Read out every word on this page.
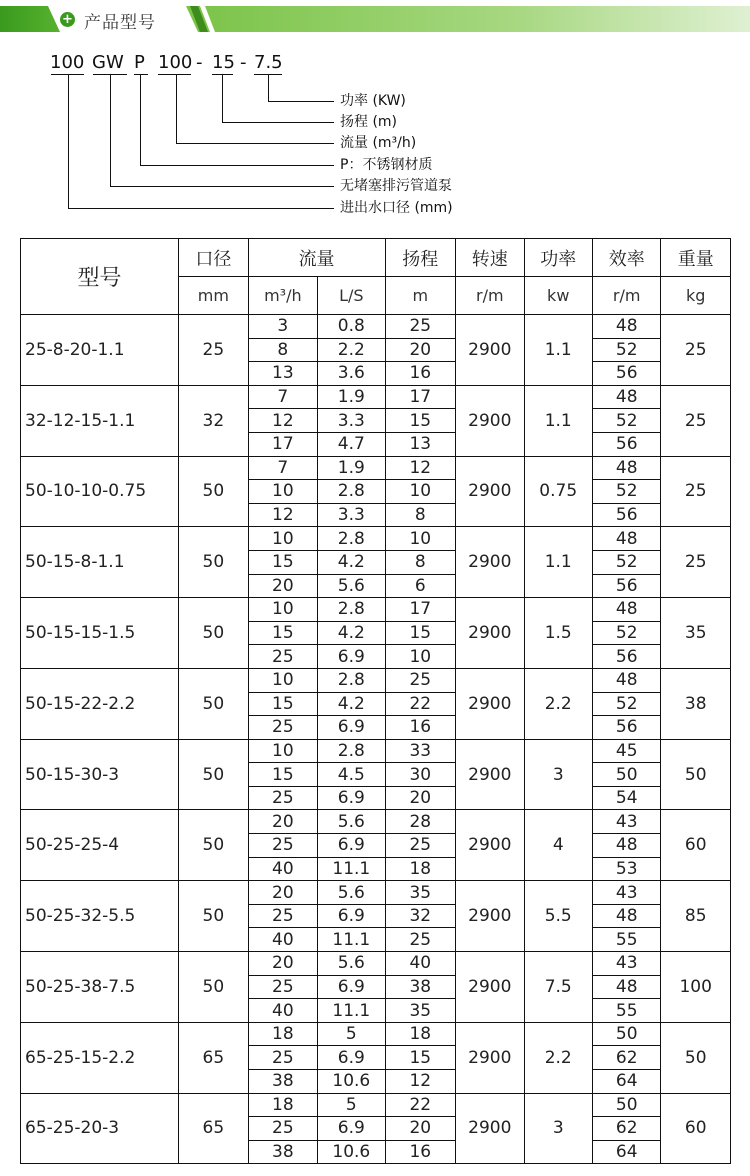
+ 产品型号
100 GW P 100 - 15 - 7.5
功率 (KW)
扬程 (m)
流量 (m³/h)
P：不锈钢材质
无堵塞排污管道泵
进出水口径 (mm)
型号	口径	流量		扬程	转速	功率	效率	重量
	mm	m³/h	L/S	m	r/m	kw	r/m	kg
25-8-20-1.1	25	3	0.8	25	2900	1.1	48	25
		8	2.2	20			52	
		13	3.6	16			56	
32-12-15-1.1	32	7	1.9	17	2900	1.1	48	25
		12	3.3	15			52	
		17	4.7	13			56	
50-10-10-0.75	50	7	1.9	12	2900	0.75	48	25
		10	2.8	10			52	
		12	3.3	8			56	
50-15-8-1.1	50	10	2.8	10	2900	1.1	48	25
		15	4.2	8			52	
		20	5.6	6			56	
50-15-15-1.5	50	10	2.8	17	2900	1.5	48	35
		15	4.2	15			52	
		25	6.9	10			56	
50-15-22-2.2	50	10	2.8	25	2900	2.2	48	38
		15	4.2	22			52	
		25	6.9	16			56	
50-15-30-3	50	10	2.8	33	2900	3	45	50
		15	4.5	30			50	
		25	6.9	20			54	
50-25-25-4	50	20	5.6	28	2900	4	43	60
		25	6.9	25			48	
		40	11.1	18			53	
50-25-32-5.5	50	20	5.6	35	2900	5.5	43	85
		25	6.9	32			48	
		40	11.1	25			55	
50-25-38-7.5	50	20	5.6	40	2900	7.5	43	100
		25	6.9	38			48	
		40	11.1	35			55	
65-25-15-2.2	65	18	5	18	2900	2.2	50	50
		25	6.9	15			62	
		38	10.6	12			64	
65-25-20-3	65	18	5	22	2900	3	50	60
		25	6.9	20			62	
		38	10.6	16			64	
